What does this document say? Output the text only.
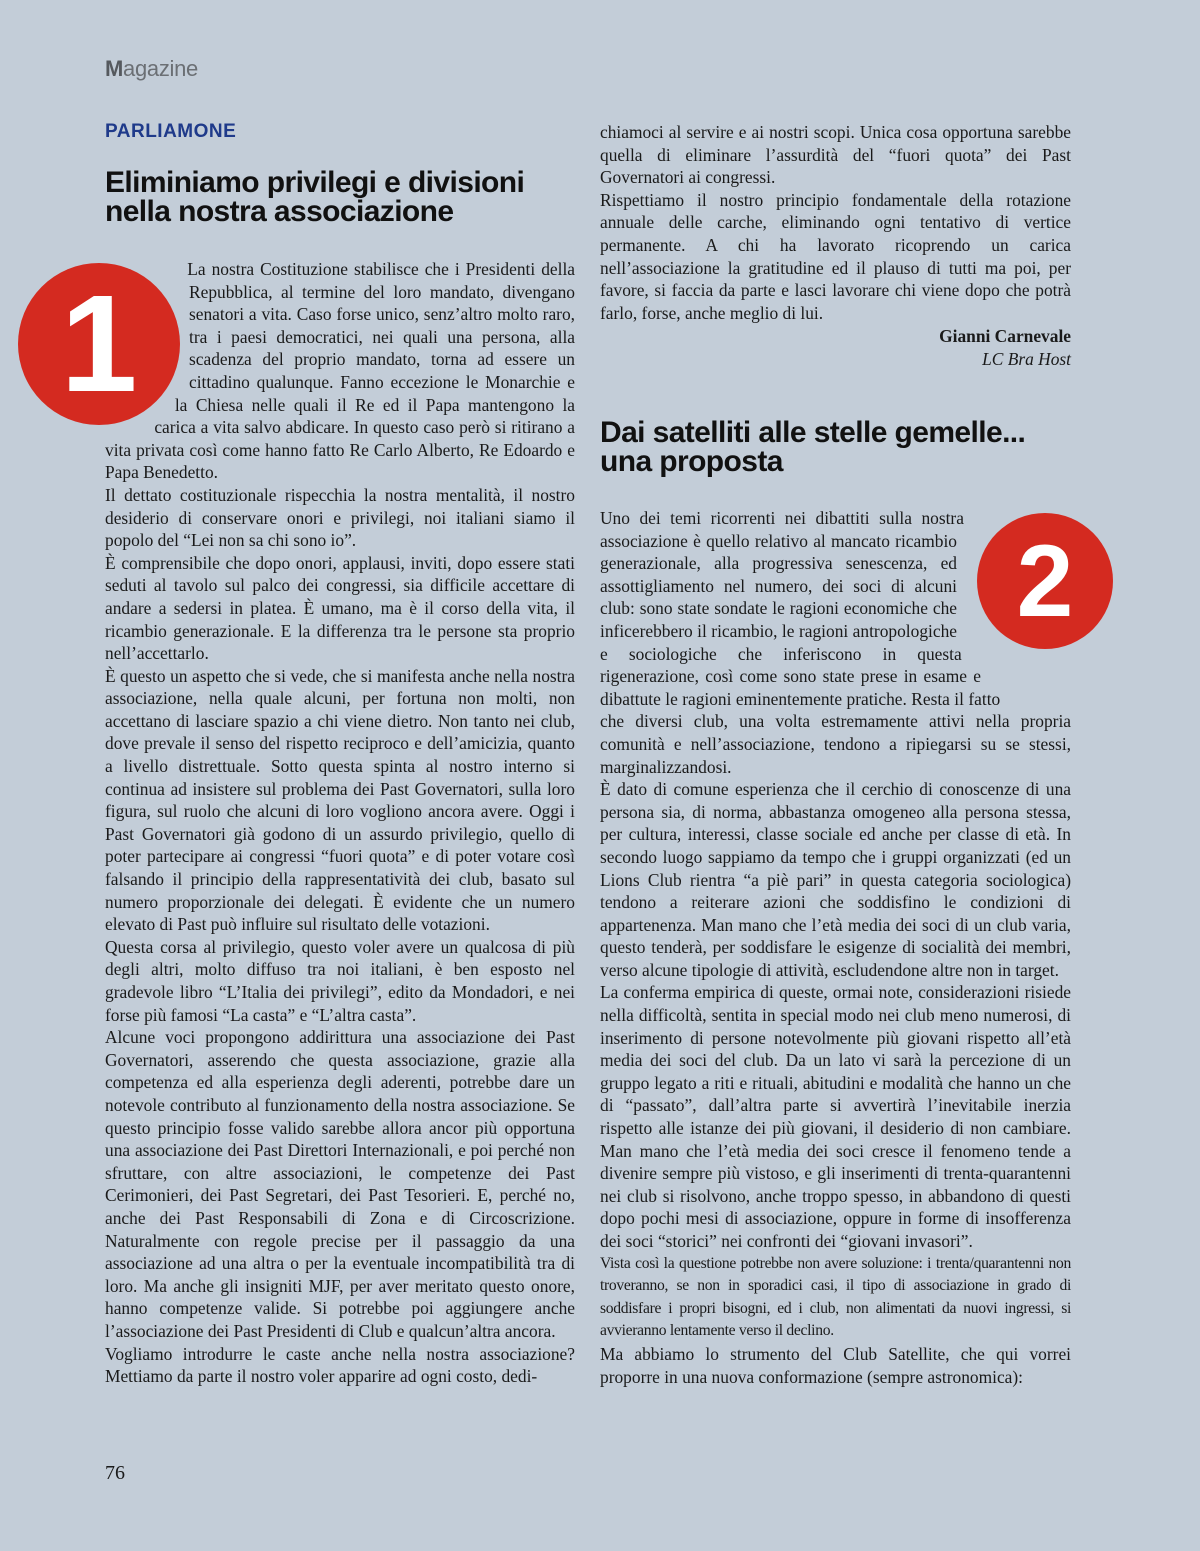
Magazine
PARLIAMONE
Eliminiamo privilegi e divisioni
nella nostra associazione
1	La nostra Costituzione stabilisce che i Presidenti della Repubblica, al termine del loro mandato, divengano senatori a vita. Caso forse unico, senz’altro molto raro, tra i paesi democratici, nei quali una persona, alla scadenza del proprio mandato, torna ad essere un cittadino qualunque. Fanno eccezione le Monarchie e la Chiesa nelle quali il Re ed il Papa mantengono la carica a vita salvo abdicare. In questo caso però si ritirano a vita privata così come hanno fatto Re Carlo Alberto, Re Edoardo e Papa Benedetto.

Il dettato costituzionale rispecchia la nostra mentalità, il nostro desiderio di conservare onori e privilegi, noi italiani siamo il popolo del “Lei non sa chi sono io”.

È comprensibile che dopo onori, applausi, inviti, dopo essere stati seduti al tavolo sul palco dei congressi, sia difficile accettare di andare a sedersi in platea. È umano, ma è il corso della vita, il ricambio generazionale. E la differenza tra le persone sta proprio nell’accettarlo.

È questo un aspetto che si vede, che si manifesta anche nella nostra associazione, nella quale alcuni, per fortuna non molti, non accettano di lasciare spazio a chi viene dietro. Non tanto nei club, dove prevale il senso del rispetto reciproco e dell’amicizia, quanto a livello distrettuale. Sotto questa spinta al nostro interno si continua ad insistere sul problema dei Past Governatori, sulla loro figura, sul ruolo che alcuni di loro vogliono ancora avere. Oggi i Past Governatori già godono di un assurdo privilegio, quello di poter partecipare ai congressi “fuori quota” e di poter votare così falsando il principio della rappresentatività dei club, basato sul numero proporzionale dei delegati. È evidente che un numero elevato di Past può influire sul risultato delle votazioni.

Questa corsa al privilegio, questo voler avere un qualcosa di più degli altri, molto diffuso tra noi italiani, è ben esposto nel gradevole libro “L’Italia dei privilegi”, edito da Mondadori, e nei forse più famosi “La casta” e “L’altra casta”.

Alcune voci propongono addirittura una associazione dei Past Governatori, asserendo che questa associazione, grazie alla competenza ed alla esperienza degli aderenti, potrebbe dare un notevole contributo al funzionamento della nostra associazione. Se questo principio fosse valido sarebbe allora ancor più opportuna una associazione dei Past Direttori Internazionali, e poi perché non sfruttare, con altre associazioni, le competenze dei Past Cerimonieri, dei Past Segretari, dei Past Tesorieri. E, perché no, anche dei Past Responsabili di Zona e di Circoscrizione. Naturalmente con regole precise per il passaggio da una associazione ad una altra o per la eventuale incompatibilità tra di loro. Ma anche gli insigniti MJF, per aver meritato questo onore, hanno competenze valide. Si potrebbe poi aggiungere anche l’associazione dei Past Presidenti di Club e qualcun’altra ancora.

Vogliamo introdurre le caste anche nella nostra associazione? Mettiamo da parte il nostro voler apparire ad ogni costo, dedi-

chiamoci al servire e ai nostri scopi. Unica cosa opportuna sarebbe quella di eliminare l’assurdità del “fuori quota” dei Past Governatori ai congressi.

Rispettiamo il nostro principio fondamentale della rotazione annuale delle carche, eliminando ogni tentativo di vertice permanente. A chi ha lavorato ricoprendo un carica nell’associazione la gratitudine ed il plauso di tutti ma poi, per favore, si faccia da parte e lasci lavorare chi viene dopo che potrà farlo, forse, anche meglio di lui.

Gianni Carnevale
LC Bra Host
Dai satelliti alle stelle gemelle...
una proposta
2

Uno dei temi ricorrenti nei dibattiti sulla nostra associazione è quello relativo al mancato ricambio generazionale, alla progressiva senescenza, ed assottigliamento nel numero, dei soci di alcuni club: sono state sondate le ragioni economiche che inficerebbero il ricambio, le ragioni antropologiche e sociologiche che inferiscono in questa rigenerazione, così come sono state prese in esame e dibattute le ragioni eminentemente pratiche. Resta il fatto che diversi club, una volta estremamente attivi nella propria comunità e nell’associazione, tendono a ripiegarsi su se stessi, marginalizzandosi.

È dato di comune esperienza che il cerchio di conoscenze di una persona sia, di norma, abbastanza omogeneo alla persona stessa, per cultura, interessi, classe sociale ed anche per classe di età. In secondo luogo sappiamo da tempo che i gruppi organizzati (ed un Lions Club rientra “a piè pari” in questa categoria sociologica) tendono a reiterare azioni che soddisfino le condizioni di appartenenza. Man mano che l’età media dei soci di un club varia, questo tenderà, per soddisfare le esigenze di socialità dei membri, verso alcune tipologie di attività, escludendone altre non in target.

La conferma empirica di queste, ormai note, considerazioni risiede nella difficoltà, sentita in special modo nei club meno numerosi, di inserimento di persone notevolmente più giovani rispetto all’età media dei soci del club. Da un lato vi sarà la percezione di un gruppo legato a riti e rituali, abitudini e modalità che hanno un che di “passato”, dall’altra parte si avvertirà l’inevitabile inerzia rispetto alle istanze dei più giovani, il desiderio di non cambiare. Man mano che l’età media dei soci cresce il fenomeno tende a divenire sempre più vistoso, e gli inserimenti di trenta-quarantenni nei club si risolvono, anche troppo spesso, in abbandono di questi dopo pochi mesi di associazione, oppure in forme di insofferenza dei soci “storici” nei confronti dei “giovani invasori”.

Vista così la questione potrebbe non avere soluzione: i trenta/quarantenni non troveranno, se non in sporadici casi, il tipo di associazione in grado di soddisfare i propri bisogni, ed i club, non alimentati da nuovi ingressi, si avvieranno lentamente verso il declino.

Ma abbiamo lo strumento del Club Satellite, che qui vorrei proporre in una nuova conformazione (sempre astronomica):

76
